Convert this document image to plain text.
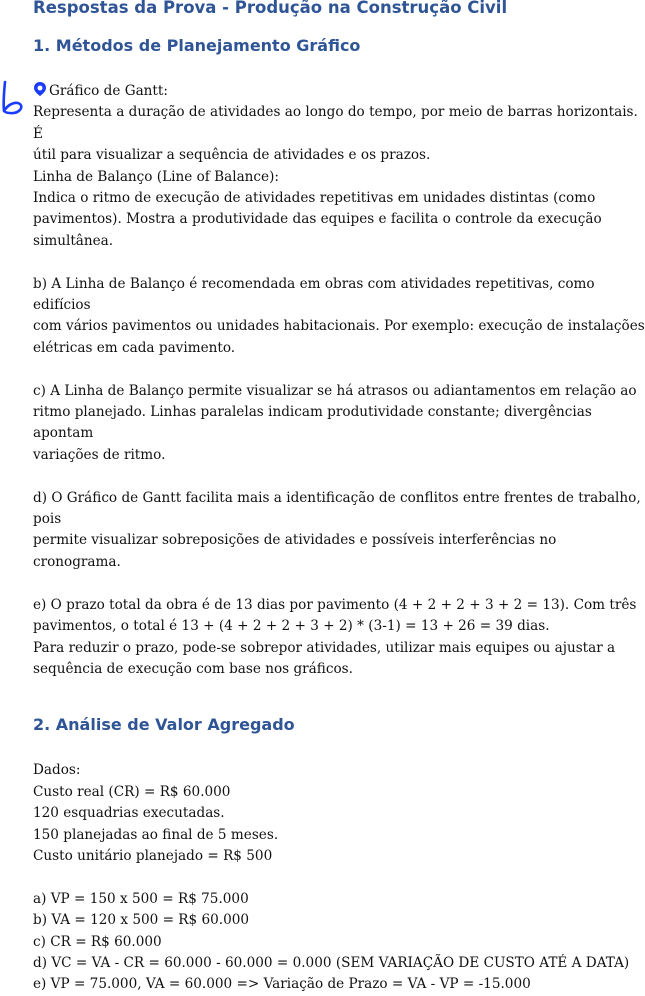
Respostas da Prova - Produção na Construção Civil
1. Métodos de Planejamento Gráfico
Gráfico de Gantt:
Representa a duração de atividades ao longo do tempo, por meio de barras horizontais. É
útil para visualizar a sequência de atividades e os prazos.
Linha de Balanço (Line of Balance):
Indica o ritmo de execução de atividades repetitivas em unidades distintas (como
pavimentos). Mostra a produtividade das equipes e facilita o controle da execução
simultânea.
b) A Linha de Balanço é recomendada em obras com atividades repetitivas, como edifícios
com vários pavimentos ou unidades habitacionais. Por exemplo: execução de instalações
elétricas em cada pavimento.
c) A Linha de Balanço permite visualizar se há atrasos ou adiantamentos em relação ao
ritmo planejado. Linhas paralelas indicam produtividade constante; divergências apontam
variações de ritmo.
d) O Gráfico de Gantt facilita mais a identificação de conflitos entre frentes de trabalho, pois
permite visualizar sobreposições de atividades e possíveis interferências no cronograma.
e) O prazo total da obra é de 13 dias por pavimento (4 + 2 + 2 + 3 + 2 = 13). Com três
pavimentos, o total é 13 + (4 + 2 + 2 + 3 + 2) * (3-1) = 13 + 26 = 39 dias.
Para reduzir o prazo, pode-se sobrepor atividades, utilizar mais equipes ou ajustar a
sequência de execução com base nos gráficos.
2. Análise de Valor Agregado
Dados:
Custo real (CR) = R$ 60.000
120 esquadrias executadas.
150 planejadas ao final de 5 meses.
Custo unitário planejado = R$ 500
a) VP = 150 x 500 = R$ 75.000
b) VA = 120 x 500 = R$ 60.000
c) CR = R$ 60.000
d) VC = VA - CR = 60.000 - 60.000 = 0.000 (SEM VARIAÇÃO DE CUSTO ATÉ A DATA)
e) VP = 75.000, VA = 60.000 => Variação de Prazo = VA - VP = -15.000
